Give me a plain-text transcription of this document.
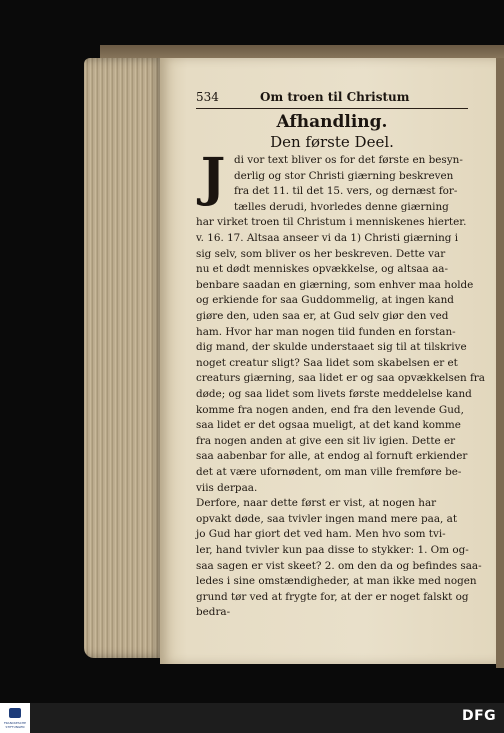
534	Om troen til Christum
Afhandling.
Den første Deel.
J di vor text bliver os for det første en besyn-
derlig og stor Christi giærning beskreven
fra det 11. til det 15. vers, og dernæst for-
tælles derudi, hvorledes denne giærning
har virket troen til Christum i menniskenes hierter.
v. 16. 17. Altsaa anseer vi da 1) Christi giærning i
sig selv, som bliver os her beskreven. Dette var
nu et dødt menniskes opvækkelse, og altsaa aa-
benbare saadan en giærning, som enhver maa holde
og erkiende for saa Guddommelig, at ingen kand
giøre den, uden saa er, at Gud selv giør den ved
ham. Hvor har man nogen tiid funden en forstan-
dig mand, der skulde understaaet sig til at tilskrive
noget creatur sligt? Saa lidet som skabelsen er et
creaturs giærning, saa lidet er og saa opvækkelsen fra
døde; og saa lidet som livets første meddelelse kand
komme fra nogen anden, end fra den levende Gud,
saa lidet er det ogsaa mueligt, at det kand komme
fra nogen anden at give een sit liv igien. Dette er
saa aabenbar for alle, at endog al fornuft erkiender
det at være ufornødent, om man ville fremføre be-
viis derpaa.
Derfore, naar dette først er vist, at nogen har
opvakt døde, saa tvivler ingen mand mere paa, at
jo Gud har giort det ved ham. Men hvo som tvi-
ler, hand tvivler kun paa disse to stykker: 1. Om og-
saa sagen er vist skeet? 2. om den da og befindes saa-
ledes i sine omstændigheder, at man ikke med nogen
grund tør ved at frygte for, at der er noget falskt og
bedra-
FRANCKESCHE STIFTUNGEN
DFG
